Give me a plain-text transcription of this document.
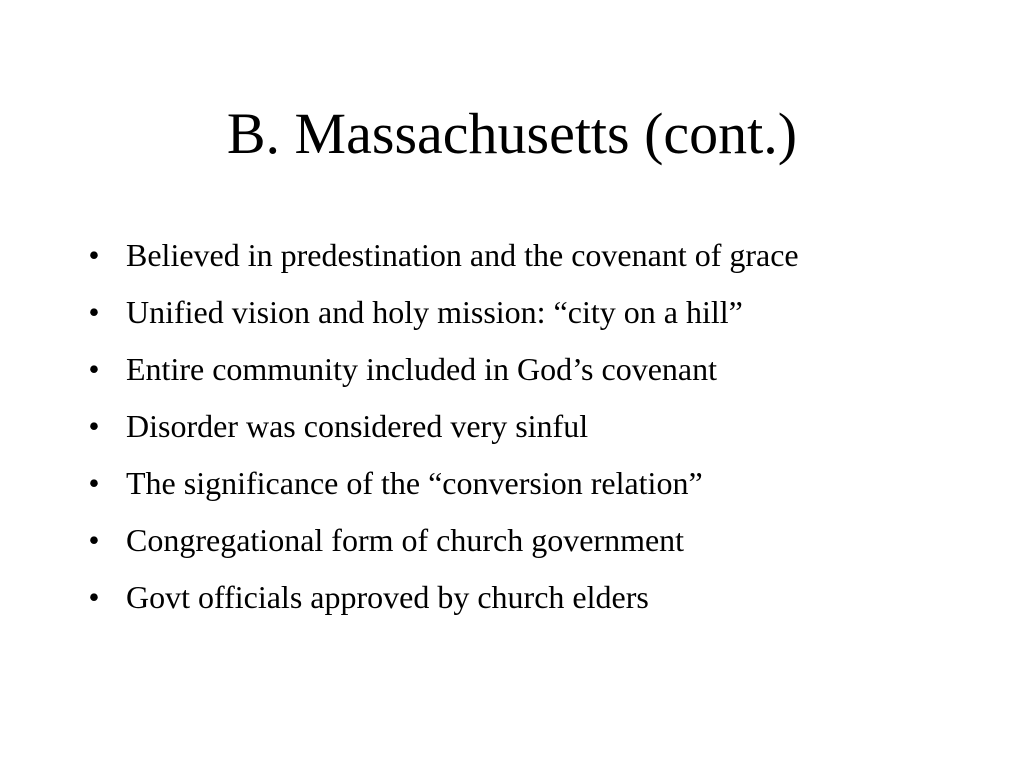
B. Massachusetts (cont.)
• Believed in predestination and the covenant of grace
• Unified vision and holy mission: “city on a hill”
• Entire community included in God’s covenant
• Disorder was considered very sinful
• The significance of the “conversion relation”
• Congregational form of church government
• Govt officials approved by church elders
